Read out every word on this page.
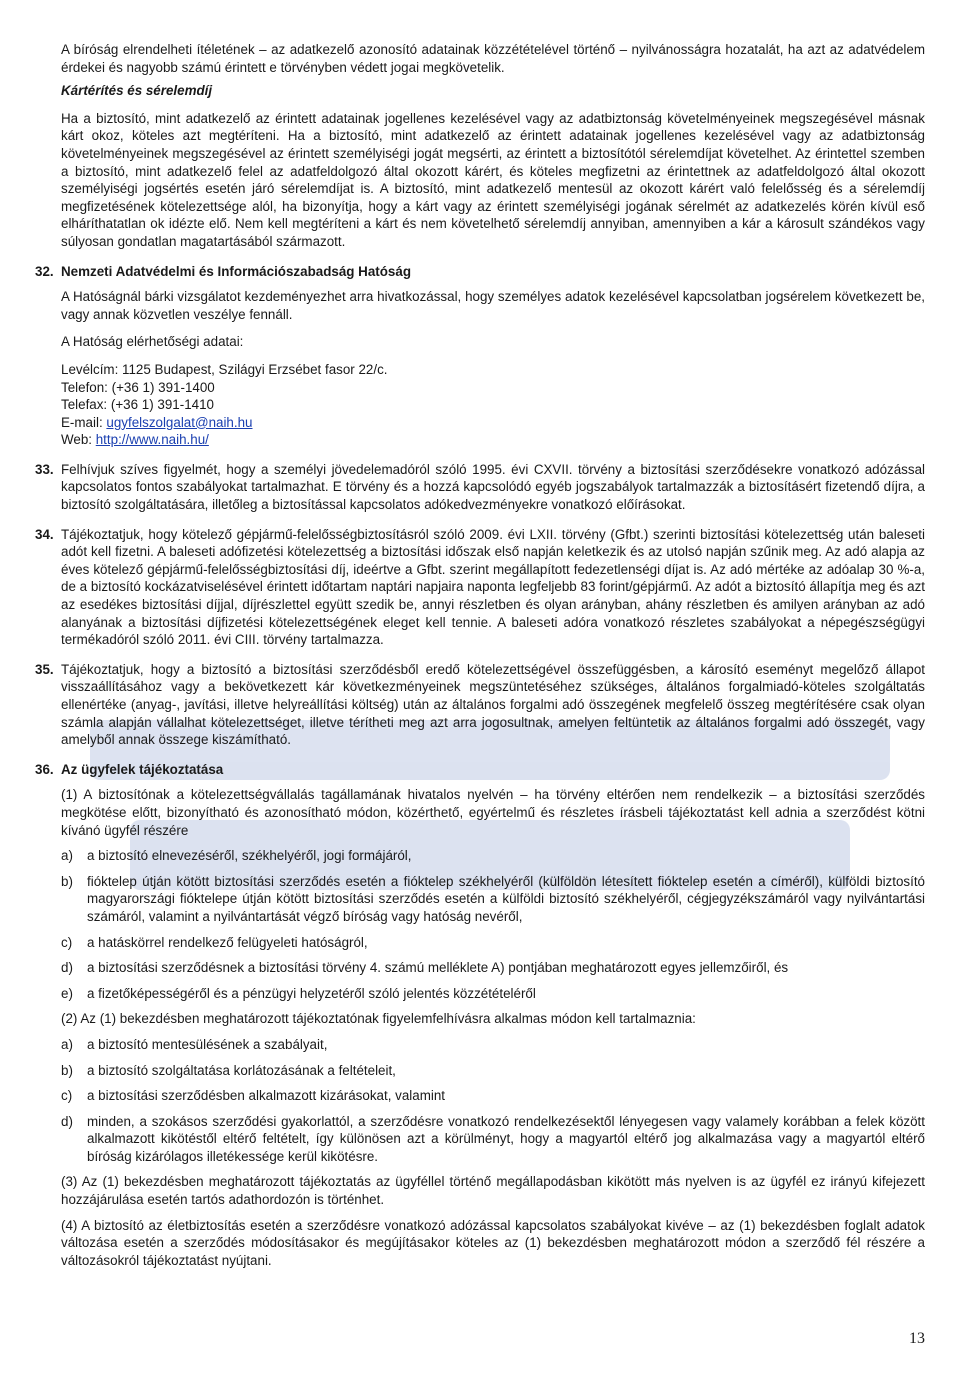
A bíróság elrendelheti ítéletének – az adatkezelő azonosító adatainak közzétételével történő – nyilvánosságra hozatalát, ha azt az adatvédelem érdekei és nagyobb számú érintett e törvényben védett jogai megkövetelik.

Kártérítés és sérelemdíj

Ha a biztosító, mint adatkezelő az érintett adatainak jogellenes kezelésével vagy az adatbiztonság követelményeinek megszegésével másnak kárt okoz, köteles azt megtéríteni. Ha a biztosító, mint adatkezelő az érintett adatainak jogellenes kezelésével vagy az adatbiztonság követelményeinek megszegésével az érintett személyiségi jogát megsérti, az érintett a biztosítótól sérelemdíjat követelhet. Az érintettel szemben a biztosító, mint adatkezelő felel az adatfeldolgozó által okozott kárért, és köteles megfizetni az érintettnek az adatfeldolgozó által okozott személyiségi jogsértés esetén járó sérelemdíjat is. A biztosító, mint adatkezelő mentesül az okozott kárért való felelősség és a sérelemdíj megfizetésének kötelezettsége alól, ha bizonyítja, hogy a kárt vagy az érintett személyiségi jogának sérelmét az adatkezelés körén kívül eső elháríthatatlan ok idézte elő. Nem kell megtéríteni a kárt és nem követelhető sérelemdíj annyiban, amennyiben a kár a károsult szándékos vagy súlyosan gondatlan magatartásából származott.

32. Nemzeti Adatvédelmi és Információszabadság Hatóság

A Hatóságnál bárki vizsgálatot kezdeményezhet arra hivatkozással, hogy személyes adatok kezelésével kapcsolatban jogsérelem következett be, vagy annak közvetlen veszélye fennáll.

A Hatóság elérhetőségi adatai:

Levélcím: 1125 Budapest, Szilágyi Erzsébet fasor 22/c.

Telefon: (+36 1) 391-1400

Telefax: (+36 1) 391-1410

E-mail: ugyfelszolgalat@naih.hu

Web: http://www.naih.hu/

33. Felhívjuk szíves figyelmét, hogy a személyi jövedelemadóról szóló 1995. évi CXVII. törvény a biztosítási szerződésekre vonatkozó adózással kapcsolatos fontos szabályokat tartalmazhat. E törvény és a hozzá kapcsolódó egyéb jogszabályok tartalmazzák a biztosításért fizetendő díjra, a biztosító szolgáltatására, illetőleg a biztosítással kapcsolatos adókedvezményekre vonatkozó előírásokat.

34. Tájékoztatjuk, hogy kötelező gépjármű-felelősségbiztosításról szóló 2009. évi LXII. törvény (Gfbt.) szerinti biztosítási kötelezettség után baleseti adót kell fizetni. A baleseti adófizetési kötelezettség a biztosítási időszak első napján keletkezik és az utolsó napján szűnik meg. Az adó alapja az éves kötelező gépjármű-felelősségbiztosítási díj, ideértve a Gfbt. szerint megállapított fedezetlenségi díjat is. Az adó mértéke az adóalap 30 %-a, de a biztosító kockázatviselésével érintett időtartam naptári napjaira naponta legfeljebb 83 forint/gépjármű. Az adót a biztosító állapítja meg és azt az esedékes biztosítási díjjal, díjrészlettel együtt szedik be, annyi részletben és olyan arányban, ahány részletben és amilyen arányban az adó alanyának a biztosítási díjfizetési kötelezettségének eleget kell tennie. A baleseti adóra vonatkozó részletes szabályokat a népegészségügyi termékadóról szóló 2011. évi CIII. törvény tartalmazza.

35. Tájékoztatjuk, hogy a biztosító a biztosítási szerződésből eredő kötelezettségével összefüggésben, a károsító eseményt megelőző állapot visszaállításához vagy a bekövetkezett kár következményeinek megszüntetéséhez szükséges, általános forgalmiadó-köteles szolgáltatás ellenértéke (anyag-, javítási, illetve helyreállítási költség) után az általános forgalmi adó összegének megfelelő összeg megtérítésére csak olyan számla alapján vállalhat kötelezettséget, illetve térítheti meg azt arra jogosultnak, amelyen feltüntetik az általános forgalmi adó összegét, vagy amelyből annak összege kiszámítható.

36. Az ügyfelek tájékoztatása

(1) A biztosítónak a kötelezettségvállalás tagállamának hivatalos nyelvén – ha törvény eltérően nem rendelkezik – a biztosítási szerződés megkötése előtt, bizonyítható és azonosítható módon, közérthető, egyértelmű és részletes írásbeli tájékoztatást kell adnia a szerződést kötni kívánó ügyfél részére

a) a biztosító elnevezéséről, székhelyéről, jogi formájáról,
b) fióktelep útján kötött biztosítási szerződés esetén a fióktelep székhelyéről (külföldön létesített fióktelep esetén a címéről), külföldi biztosító magyarországi fióktelepe útján kötött biztosítási szerződés esetén a külföldi biztosító székhelyéről, cégjegyzékszámáról vagy nyilvántartási számáról, valamint a nyilvántartását végző bíróság vagy hatóság nevéről,
c) a hatáskörrel rendelkező felügyeleti hatóságról,
d) a biztosítási szerződésnek a biztosítási törvény 4. számú melléklete A) pontjában meghatározott egyes jellemzőiről, és
e) a fizetőképességéről és a pénzügyi helyzetéről szóló jelentés közzétételéről

(2) Az (1) bekezdésben meghatározott tájékoztatónak figyelemfelhívásra alkalmas módon kell tartalmaznia:

a) a biztosító mentesülésének a szabályait,
b) a biztosító szolgáltatása korlátozásának a feltételeit,
c) a biztosítási szerződésben alkalmazott kizárásokat, valamint
d) minden, a szokásos szerződési gyakorlattól, a szerződésre vonatkozó rendelkezésektől lényegesen vagy valamely korábban a felek között alkalmazott kikötéstől eltérő feltételt, így különösen azt a körülményt, hogy a magyartól eltérő jog alkalmazása vagy a magyartól eltérő bíróság kizárólagos illetékessége kerül kikötésre.

(3) Az (1) bekezdésben meghatározott tájékoztatás az ügyféllel történő megállapodásban kikötött más nyelven is az ügyfél ez irányú kifejezett hozzájárulása esetén tartós adathordozón is történhet.

(4) A biztosító az életbiztosítás esetén a szerződésre vonatkozó adózással kapcsolatos szabályokat kivéve – az (1) bekezdésben foglalt adatok változása esetén a szerződés módosításakor és megújításakor köteles az (1) bekezdésben meghatározott módon a szerződő fél részére a változásokról tájékoztatást nyújtani.

13
